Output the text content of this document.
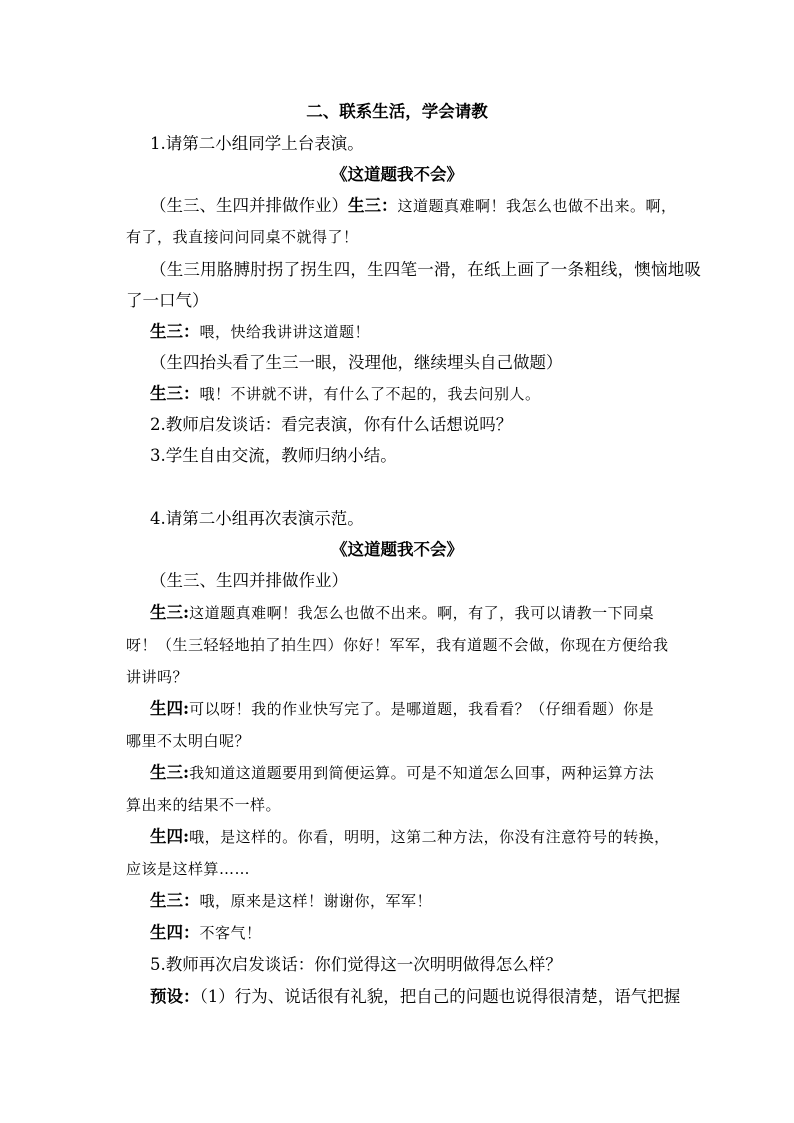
二、联系生活，学会请教
1.请第二小组同学上台表演。
《这道题我不会》
（生三、生四并排做作业）生三：这道题真难啊！我怎么也做不出来。啊，
有了，我直接问问同桌不就得了！
（生三用胳膊肘拐了拐生四，生四笔一滑，在纸上画了一条粗线，懊恼地吸
了一口气）
生三：喂，快给我讲讲这道题！
（生四抬头看了生三一眼，没理他，继续埋头自己做题）
生三：哦！不讲就不讲，有什么了不起的，我去问别人。
2.教师启发谈话：看完表演，你有什么话想说吗？
3.学生自由交流，教师归纳小结。
4.请第二小组再次表演示范。
《这道题我不会》
（生三、生四并排做作业）
生三:这道题真难啊！我怎么也做不出来。啊，有了，我可以请教一下同桌
呀！（生三轻轻地拍了拍生四）你好！军军，我有道题不会做，你现在方便给我
讲讲吗？
生四:可以呀！我的作业快写完了。是哪道题，我看看？（仔细看题）你是
哪里不太明白呢？
生三:我知道这道题要用到简便运算。可是不知道怎么回事，两种运算方法
算出来的结果不一样。
生四:哦，是这样的。你看，明明，这第二种方法，你没有注意符号的转换，
应该是这样算……
生三：哦，原来是这样！谢谢你，军军！
生四：不客气！
5.教师再次启发谈话：你们觉得这一次明明做得怎么样？
预设：（1）行为、说话很有礼貌，把自己的问题也说得很清楚，语气把握
